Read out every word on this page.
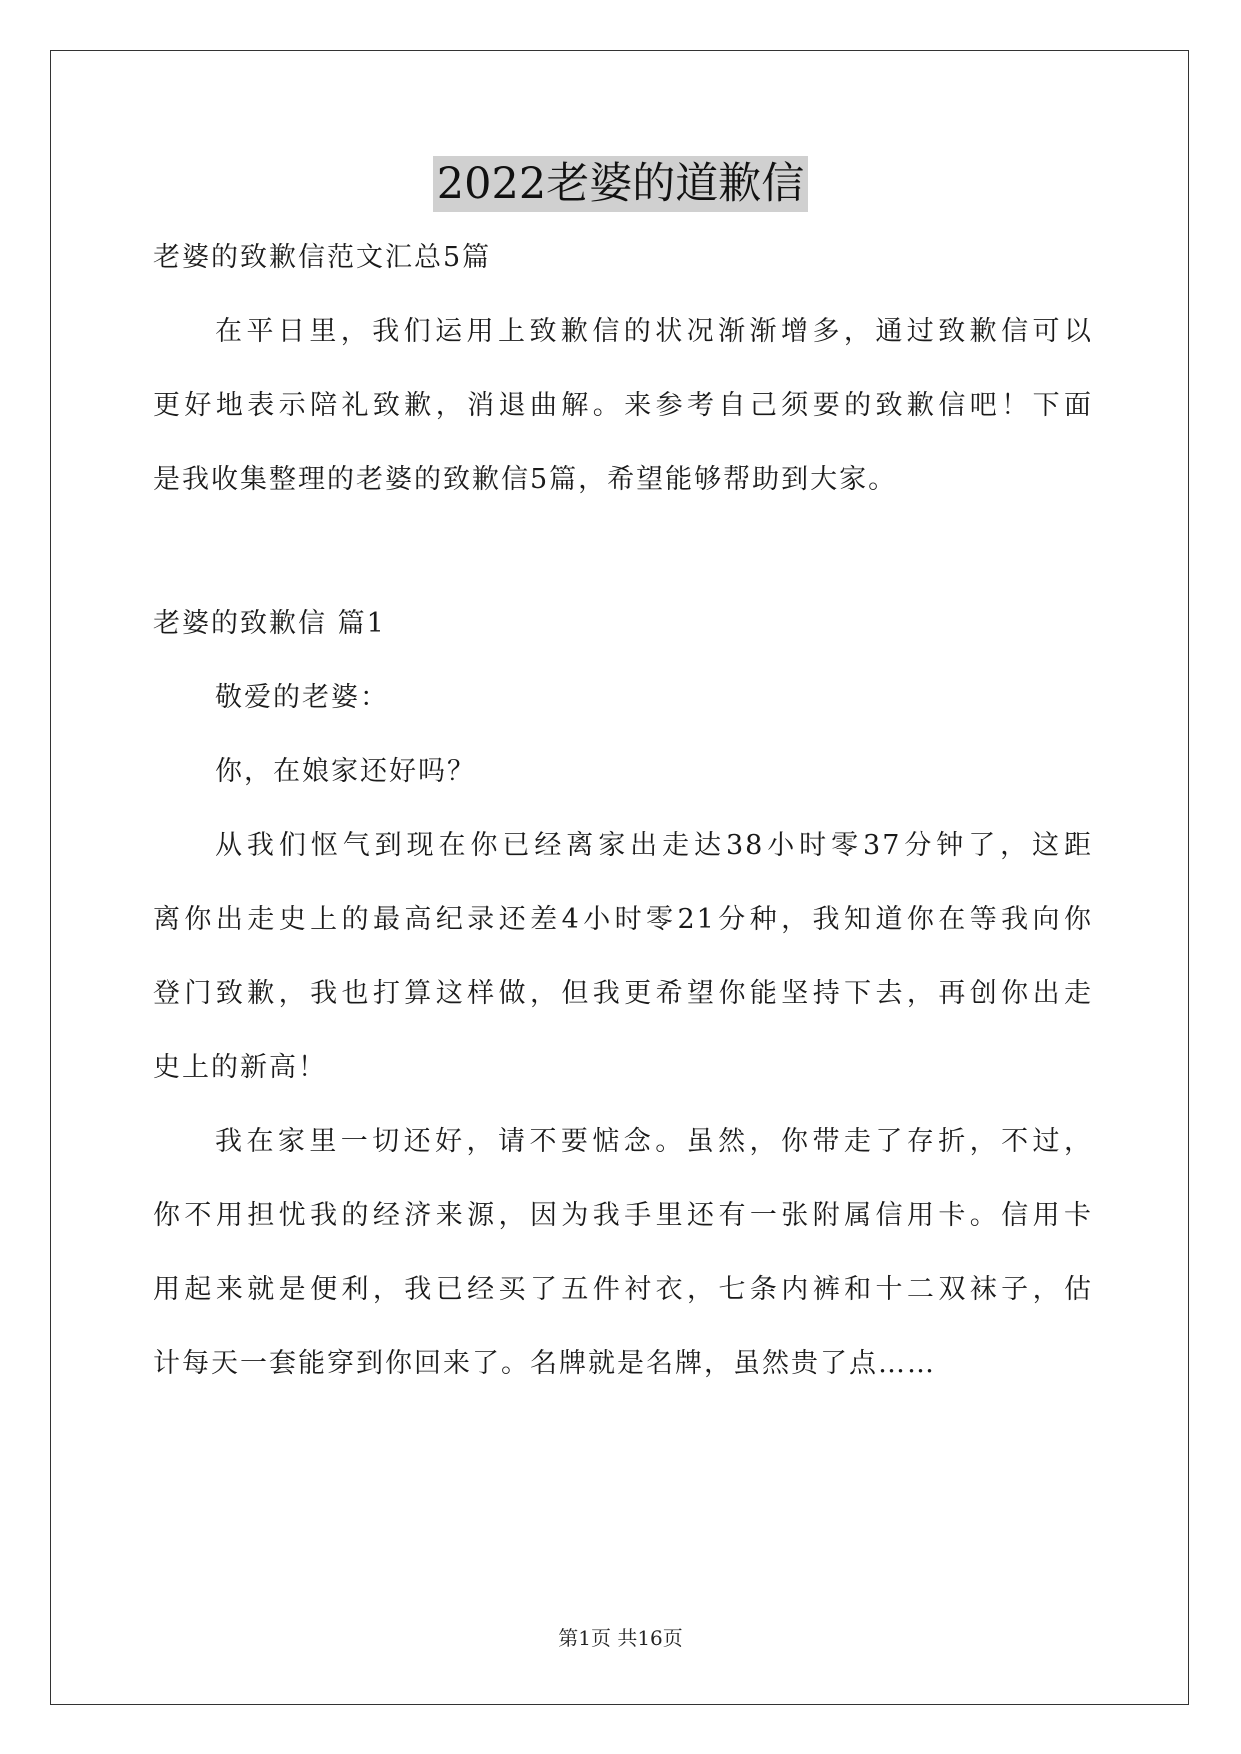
2022老婆的道歉信
老婆的致歉信范文汇总5篇
在平日里，我们运用上致歉信的状况渐渐增多，通过致歉信可以
更好地表示陪礼致歉，消退曲解。来参考自己须要的致歉信吧！下面
是我收集整理的老婆的致歉信5篇，希望能够帮助到大家。
老婆的致歉信 篇1
敬爱的老婆：
你，在娘家还好吗？
从我们怄气到现在你已经离家出走达38小时零37分钟了，这距
离你出走史上的最高纪录还差4小时零21分种，我知道你在等我向你
登门致歉，我也打算这样做，但我更希望你能坚持下去，再创你出走
史上的新高！
我在家里一切还好，请不要惦念。虽然，你带走了存折，不过，
你不用担忧我的经济来源，因为我手里还有一张附属信用卡。信用卡
用起来就是便利，我已经买了五件衬衣，七条内裤和十二双袜子，估
计每天一套能穿到你回来了。名牌就是名牌，虽然贵了点……
第1页 共16页
